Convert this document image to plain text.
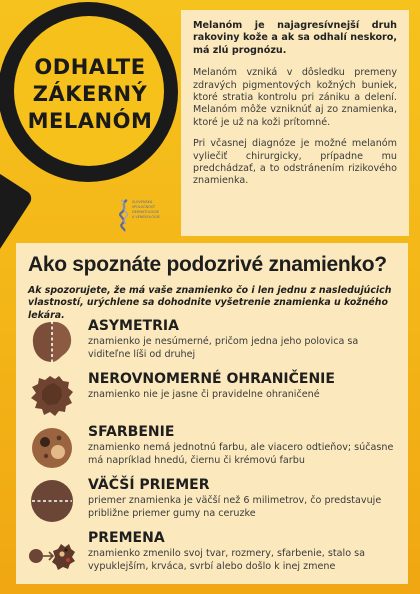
ODHALTE
ZÁKERNÝ
MELANÓM
SLOVENSKÁ
SPOLOČNOSŤ
DERMATOLÓGIE
A VENEROLÓGIE

Melanóm je najagresívnejší druh rakoviny kože a ak sa odhalí neskoro, má zlú prognózu.

Melanóm vzniká v dôsledku premeny zdravých pigmentových kožných buniek, ktoré stratia kontrolu pri zániku a delení. Melanóm môže vzniknúť aj zo znamienka, ktoré je už na koži prítomné.

Pri včasnej diagnóze je možné melanóm vyliečiť chirurgicky, prípadne mu predchádzať, a to odstránením rizikového znamienka.

Ako spoznáte podozrivé znamienko?

Ak spozorujete, že má vaše znamienko čo i len jednu z nasledujúcich vlastností, urýchlene sa dohodnite vyšetrenie znamienka u kožného lekára.

ASYMETRIA

znamienko je nesúmerné, pričom jedna jeho polovica sa viditeľne líši od druhej

NEROVNOMERNÉ OHRANIČENIE

znamienko nie je jasne či pravidelne ohraničené

SFARBENIE

znamienko nemá jednotnú farbu, ale viacero odtieňov; súčasne má napríklad hnedú, čiernu či krémovú farbu

VÄČŠÍ PRIEMER

priemer znamienka je väčší než 6 milimetrov, čo predstavuje približne priemer gumy na ceruzke

PREMENA

znamienko zmenilo svoj tvar, rozmery, sfarbenie, stalo sa vypuklejším, krváca, svrbí alebo došlo k inej zmene
